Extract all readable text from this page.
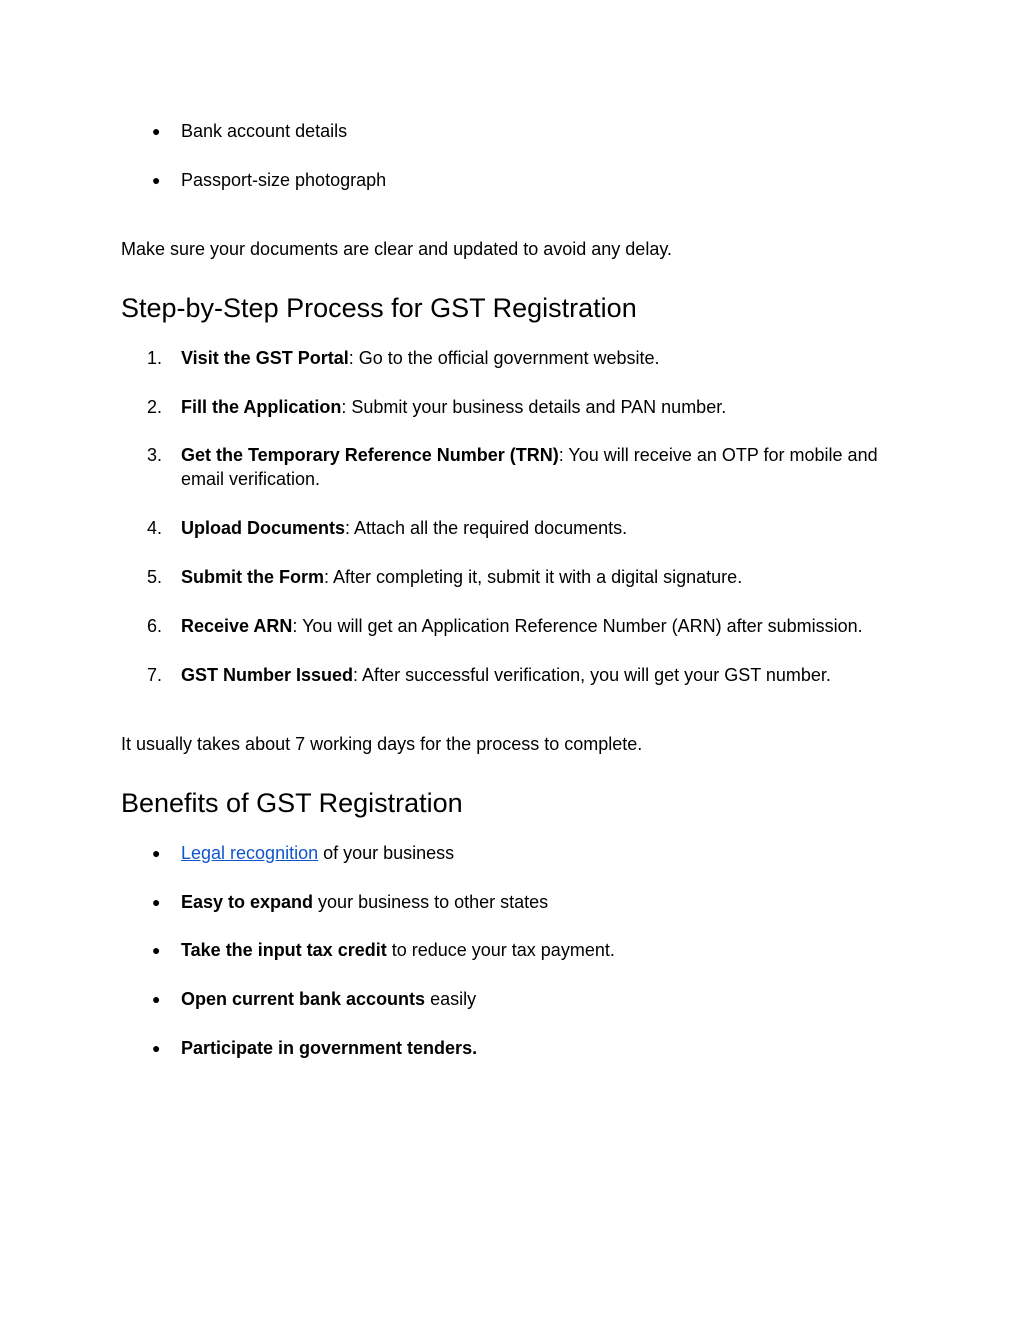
● Bank account details
● Passport-size photograph
Make sure your documents are clear and updated to avoid any delay.
Step-by-Step Process for GST Registration
1.	Visit the GST Portal: Go to the official government website.
2.	Fill the Application: Submit your business details and PAN number.
3.	Get the Temporary Reference Number (TRN): You will receive an OTP for mobile and email verification.
4.	Upload Documents: Attach all the required documents.
5.	Submit the Form: After completing it, submit it with a digital signature.
6.	Receive ARN: You will get an Application Reference Number (ARN) after submission.
7.	GST Number Issued: After successful verification, you will get your GST number.
It usually takes about 7 working days for the process to complete.
Benefits of GST Registration
● Legal recognition of your business
● Easy to expand your business to other states
● Take the input tax credit to reduce your tax payment.
● Open current bank accounts easily
● Participate in government tenders.
